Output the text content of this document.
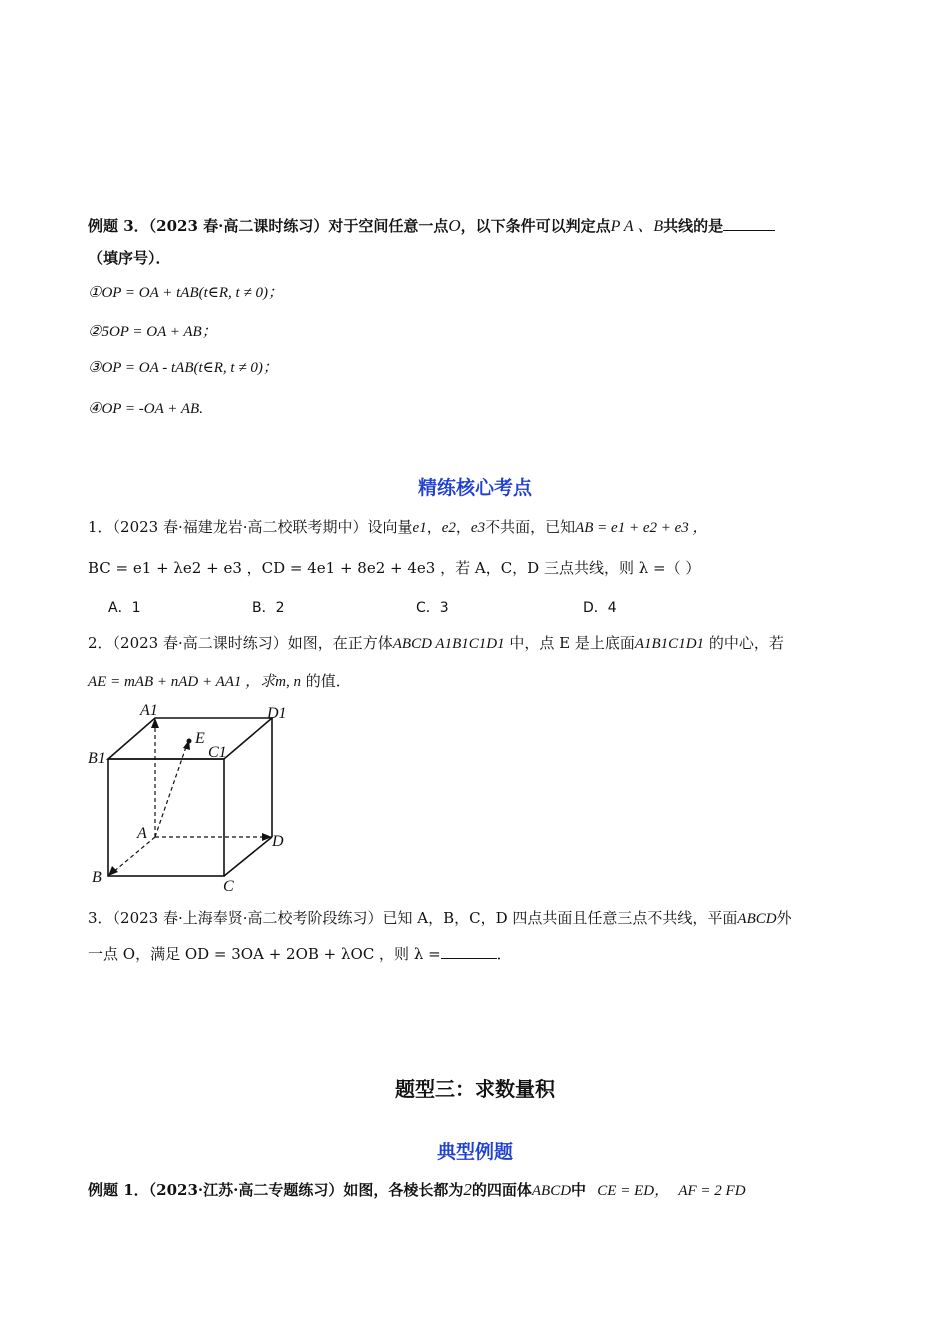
例题 3．（2023 春·高二课时练习）对于空间任意一点O，以下条件可以判定点P A 、B共线的是
（填序号）．
①OP = OA + tAB(t∈R, t ≠ 0)；
②5OP = OA + AB；
③OP = OA - tAB(t∈R, t ≠ 0)；
④OP = -OA + AB.
精练核心考点
1．（2023 春·福建龙岩·高二校联考期中）设向量e1，e2，e3不共面，已知AB = e1 + e2 + e3 ，
BC = e1 + λe2 + e3 ，CD = 4e1 + 8e2 + 4e3 ，若 A，C，D 三点共线，则 λ =（ ）
A．1	B．2	C．3	D．4
2．（2023 春·高二课时练习）如图，在正方体ABCD A1B1C1D1 中，点 E 是上底面A1B1C1D1 的中心，若
AE = mAB + nAD + AA1 ，求m, n 的值．
A1	D1
B1
E
C1
A	D
B
C
3．（2023 春·上海奉贤·高二校考阶段练习）已知 A，B，C，D 四点共面且任意三点不共线，平面ABCD外
一点 O，满足 OD = 3OA + 2OB + λOC ，则 λ =	．
题型三：求数量积
典型例题
例题 1．（2023·江苏·高二专题练习）如图，各棱长都为2的四面体ABCD中 CE = ED， AF = 2 FD
